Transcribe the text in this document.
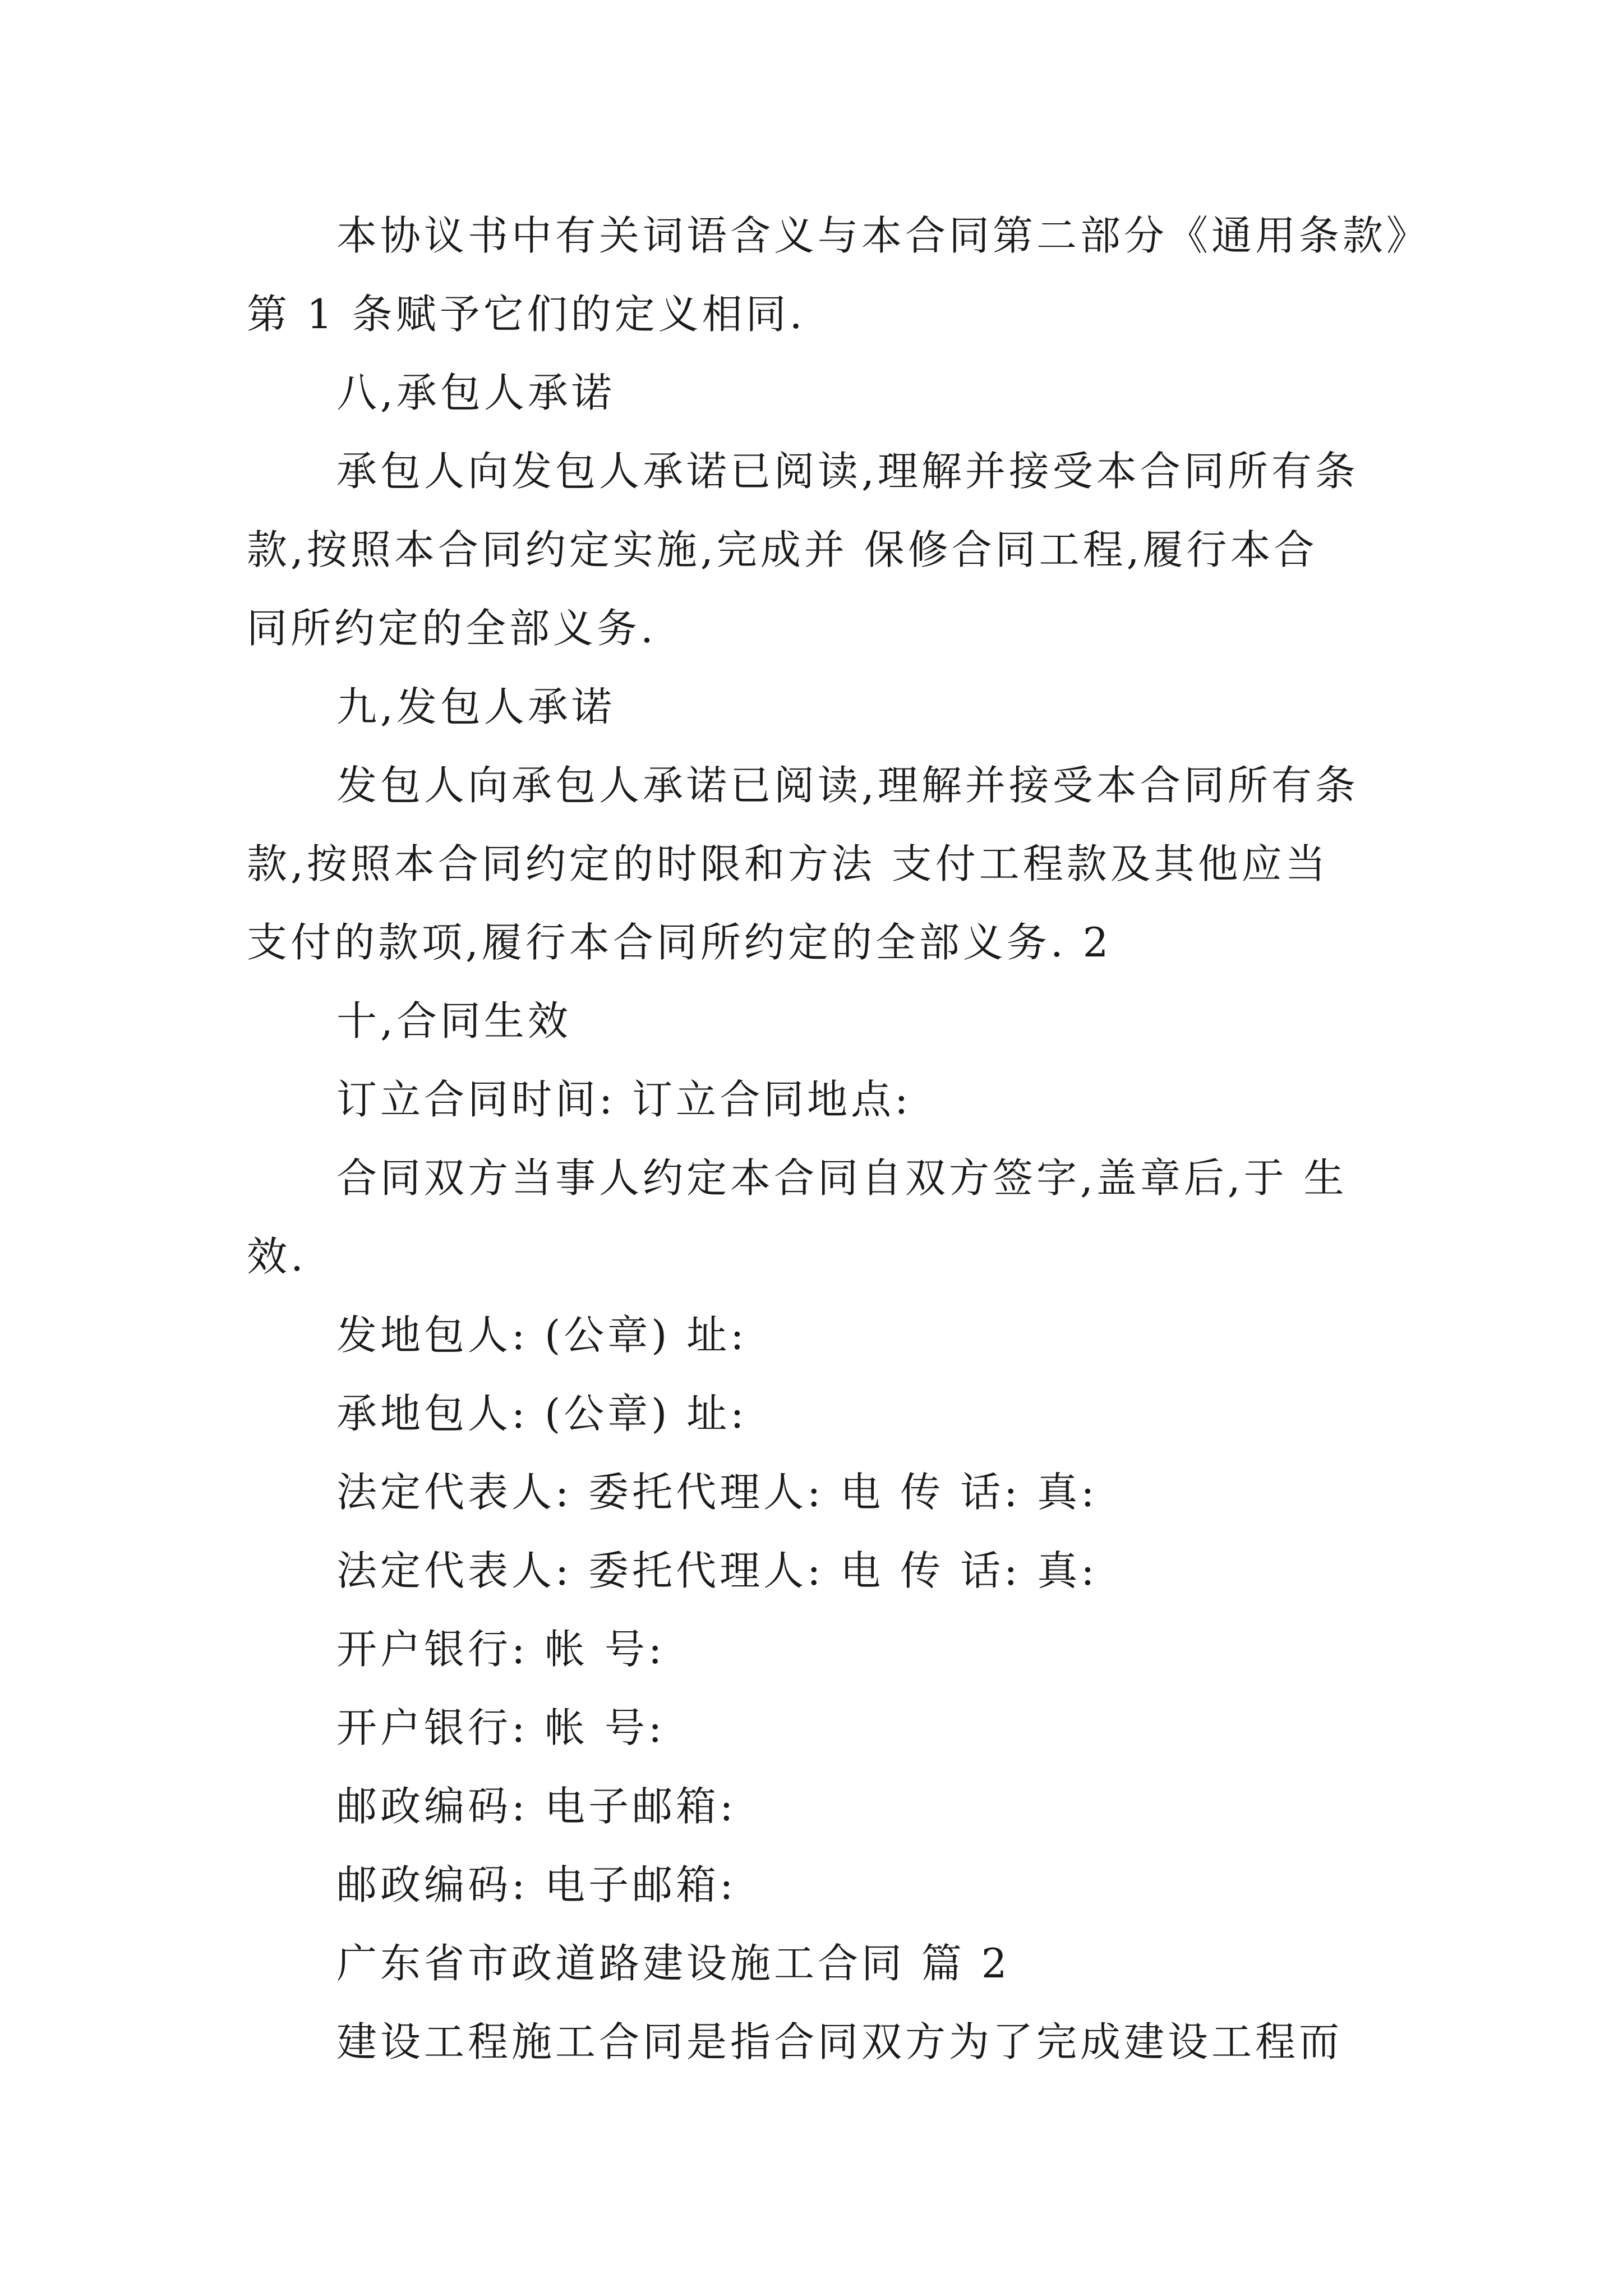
本协议书中有关词语含义与本合同第二部分《通用条款》
第 1 条赋予它们的定义相同.
八,承包人承诺
承包人向发包人承诺已阅读,理解并接受本合同所有条
款,按照本合同约定实施,完成并 保修合同工程,履行本合
同所约定的全部义务.
九,发包人承诺
发包人向承包人承诺已阅读,理解并接受本合同所有条
款,按照本合同约定的时限和方法 支付工程款及其他应当
支付的款项,履行本合同所约定的全部义务. 2
十,合同生效
订立合同时间: 订立合同地点:
合同双方当事人约定本合同自双方签字,盖章后,于 生
效.
发地包人: (公章) 址:
承地包人: (公章) 址:
法定代表人: 委托代理人: 电 传 话: 真:
法定代表人: 委托代理人: 电 传 话: 真:
开户银行: 帐 号:
开户银行: 帐 号:
邮政编码: 电子邮箱:
邮政编码: 电子邮箱:
广东省市政道路建设施工合同 篇 2
建设工程施工合同是指合同双方为了完成建设工程而
